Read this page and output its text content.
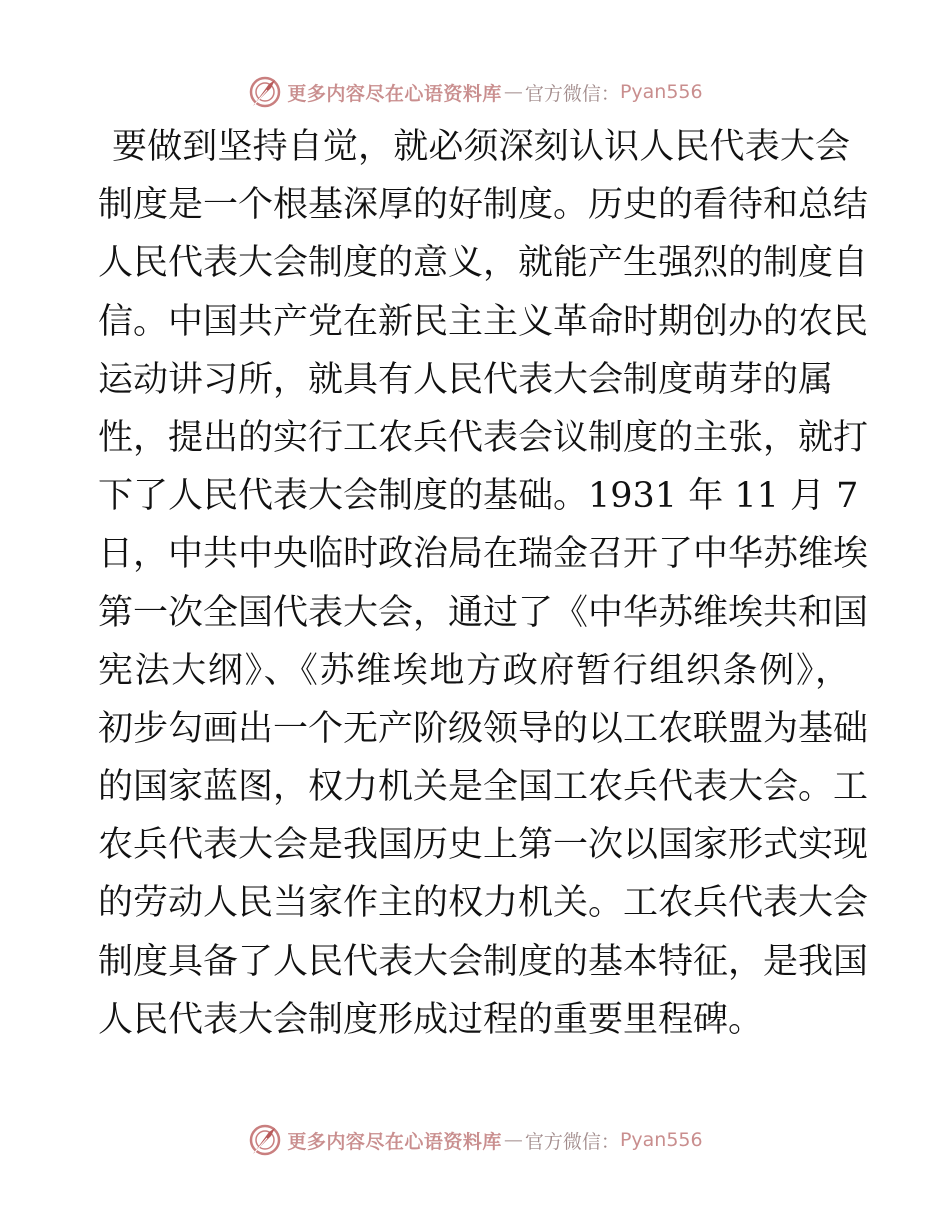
更多内容尽在心语资料库 — 官方微信： Pyan556
要做到坚持自觉，就必须深刻认识人民代表大会
制度是一个根基深厚的好制度。历史的看待和总结
人民代表大会制度的意义，就能产生强烈的制度自
信。中国共产党在新民主主义革命时期创办的农民
运动讲习所，就具有人民代表大会制度萌芽的属
性，提出的实行工农兵代表会议制度的主张，就打
下了人民代表大会制度的基础。1931 年 11 月 7
日，中共中央临时政治局在瑞金召开了中华苏维埃
第一次全国代表大会，通过了《中华苏维埃共和国
宪法大纲》、《苏维埃地方政府暂行组织条例》，
初步勾画出一个无产阶级领导的以工农联盟为基础
的国家蓝图，权力机关是全国工农兵代表大会。工
农兵代表大会是我国历史上第一次以国家形式实现
的劳动人民当家作主的权力机关。工农兵代表大会
制度具备了人民代表大会制度的基本特征，是我国
人民代表大会制度形成过程的重要里程碑。
更多内容尽在心语资料库 — 官方微信： Pyan556
